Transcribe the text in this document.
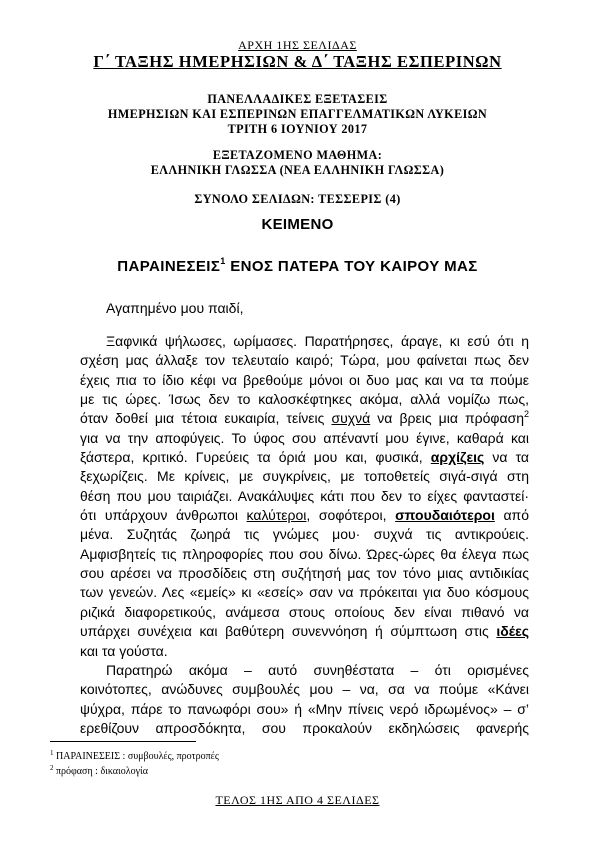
ΑΡΧΗ 1ΗΣ ΣΕΛΙΔΑΣ
Γ΄ ΤΑΞΗΣ ΗΜΕΡΗΣΙΩΝ & Δ΄ ΤΑΞΗΣ ΕΣΠΕΡΙΝΩΝ
ΠΑΝΕΛΛΑΔΙΚΕΣ ΕΞΕΤΑΣΕΙΣ
ΗΜΕΡΗΣΙΩΝ ΚΑΙ ΕΣΠΕΡΙΝΩΝ ΕΠΑΓΓΕΛΜΑΤΙΚΩΝ ΛΥΚΕΙΩΝ
ΤΡΙΤΗ 6 ΙΟΥΝΙΟΥ 2017
ΕΞΕΤΑΖΟΜΕΝΟ ΜΑΘΗΜΑ:
ΕΛΛΗΝΙΚΗ ΓΛΩΣΣΑ (ΝΕΑ ΕΛΛΗΝΙΚΗ ΓΛΩΣΣΑ)
ΣΥΝΟΛΟ ΣΕΛΙΔΩΝ: ΤΕΣΣΕΡΙΣ (4)
ΚΕΙΜΕΝΟ
ΠΑΡΑΙΝΕΣΕΙΣ$^1$ ΕΝΟΣ ΠΑΤΕΡΑ ΤΟΥ ΚΑΙΡΟΥ ΜΑΣ
Αγαπημένο μου παιδί,
Ξαφνικά ψήλωσες, ωρίμασες. Παρατήρησες, άραγε, κι εσύ ότι η
σχέση μας άλλαξε τον τελευταίο καιρό; Τώρα, μου φαίνεται πως δεν
έχεις πια το ίδιο κέφι να βρεθούμε μόνοι οι δυο μας και να τα πούμε
με τις ώρες. Ίσως δεν το καλοσκέφτηκες ακόμα, αλλά νομίζω πως,
όταν δοθεί μια τέτοια ευκαιρία, τείνεις συχνά να βρεις μια πρόφαση$^2$
για να την αποφύγεις. Το ύφος σου απέναντί μου έγινε, καθαρά και
ξάστερα, κριτικό. Γυρεύεις τα όριά μου και, φυσικά, αρχίζεις να τα
ξεχωρίζεις. Με κρίνεις, με συγκρίνεις, με τοποθετείς σιγά-σιγά στη
θέση που μου ταιριάζει. Ανακάλυψες κάτι που δεν το είχες φανταστεί·
ότι υπάρχουν άνθρωποι καλύτεροι, σοφότεροι, σπουδαιότεροι από
μένα. Συζητάς ζωηρά τις γνώμες μου· συχνά τις αντικρούεις.
Αμφισβητείς τις πληροφορίες που σου δίνω. Ώρες-ώρες θα έλεγα πως
σου αρέσει να προσδίδεις στη συζήτησή μας τον τόνο μιας αντιδικίας
των γενεών. Λες «εμείς» κι «εσείς» σαν να πρόκειται για δυο κόσμους
ριζικά διαφορετικούς, ανάμεσα στους οποίους δεν είναι πιθανό να
υπάρχει συνέχεια και βαθύτερη συνεννόηση ή σύμπτωση στις ιδέες
και τα γούστα.
Παρατηρώ ακόμα – αυτό συνηθέστατα – ότι ορισμένες
κοινότοπες, ανώδυνες συμβουλές μου – να, σα να πούμε «Κάνει
ψύχρα, πάρε το πανωφόρι σου» ή «Μην πίνεις νερό ιδρωμένος» – σ’
ερεθίζουν απροσδόκητα, σου προκαλούν εκδηλώσεις φανερής
$^1$ ΠΑΡΑΙΝΕΣΕΙΣ : συμβουλές, προτροπές
$^2$ πρόφαση : δικαιολογία
ΤΕΛΟΣ 1ΗΣ ΑΠΟ 4 ΣΕΛΙΔΕΣ
